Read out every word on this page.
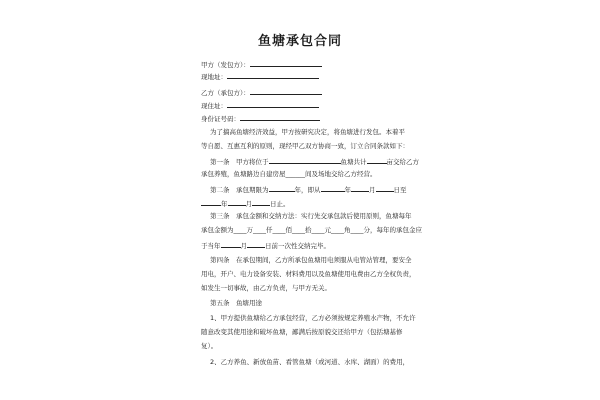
鱼塘承包合同
甲方（发包方）：
现地址：
乙方（承包方）：
现住址：
身份证号码：
为了搞高鱼塘经济效益，甲方按研究决定，将鱼塘进行发包。本着平
等自愿、互惠互利的原则，现经甲乙双方协商一致，订立合同条款如下：
第一条　甲方将位于	鱼塘共计	亩交给乙方
承包养殖，鱼塘路边自建房屋______间及场地交给乙方经营。
第二条　承包期限为	年，即从	年	月	日至
年	月	日止。
第三条　承包金额和交纳方法：实行先交承包款后使用原则，鱼塘每年
承包金额为____万____仟____佰____拾____元____角____分，每年的承包金应
于当年	月	日前一次性交纳完毕。
第四条　在承包期间，乙方所承包鱼塘用电须服从电管站管理，要安全
用电，开户、电力设备安装、材料费用以及鱼塘使用电费由乙方全权负责，
如发生一切事故，由乙方负责，与甲方无关。
第五条　鱼塘用途
1、甲方提供鱼塘给乙方承包经营，乙方必须按规定养殖水产物，不允许
随意改变其使用途和破坏鱼塘，鄙满后按原貌交还给甲方（包括塘基修
复）。
2、乙方养鱼、新放鱼苗、看管鱼塘（或河道、水库、湖面）的费用，
